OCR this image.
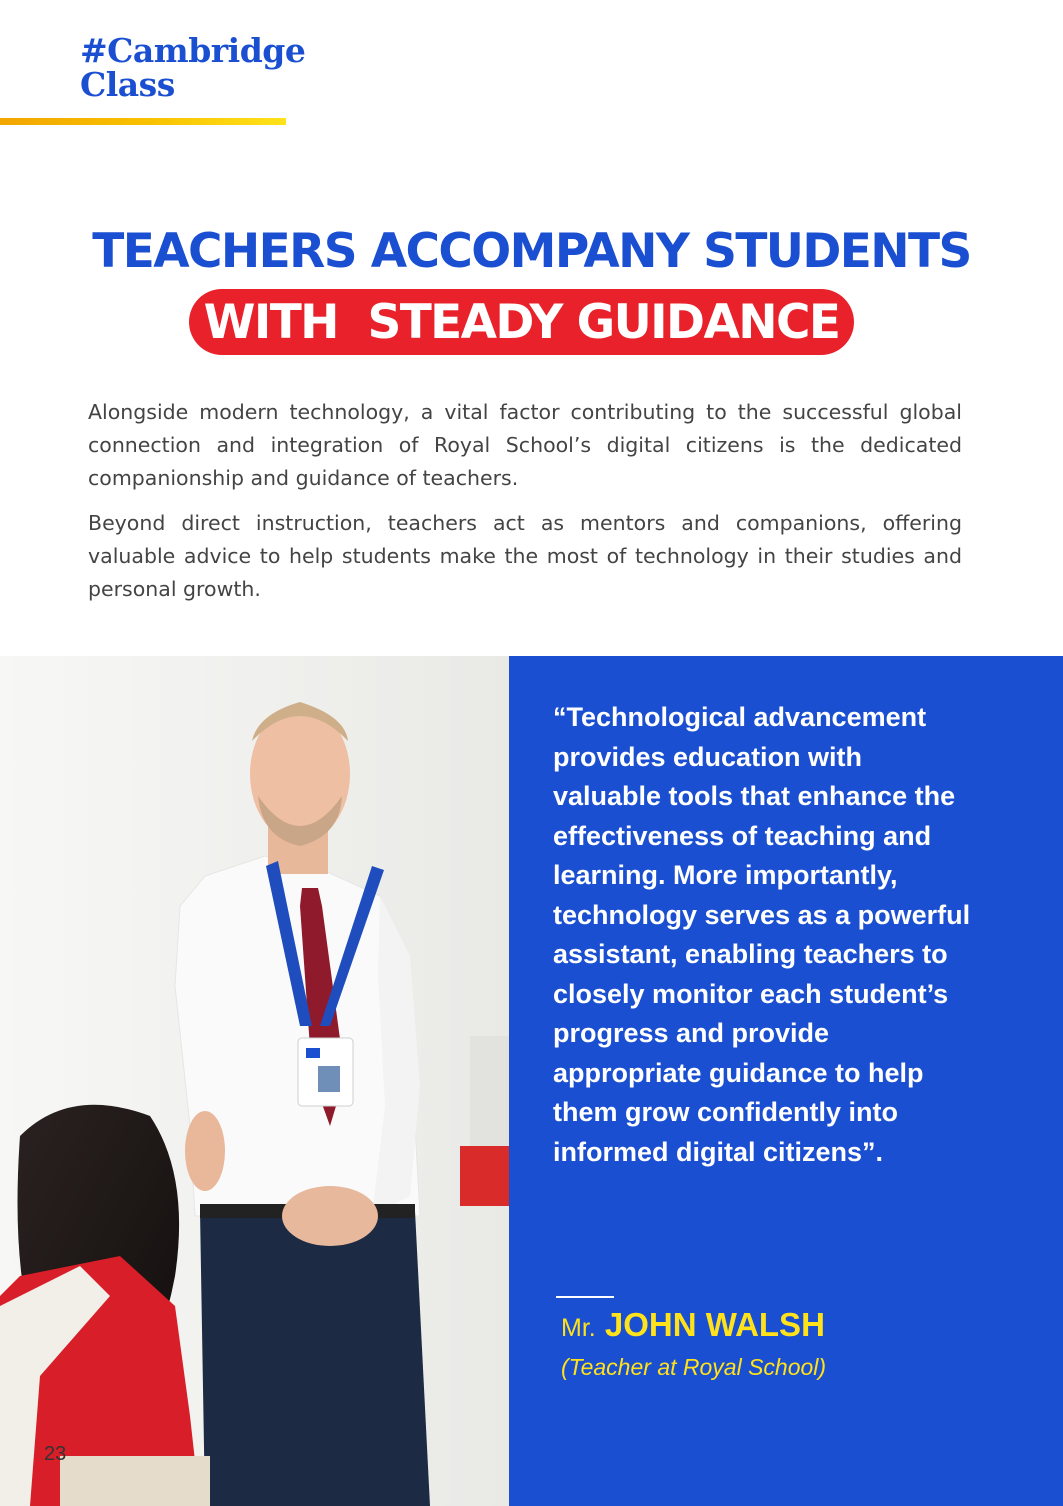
#Cambridge
Class
TEACHERS ACCOMPANY STUDENTS
WITH  STEADY GUIDANCE

Alongside modern technology, a vital factor contributing to the successful global connection and integration of Royal School’s digital citizens is the dedicated companionship and guidance of teachers.

Beyond direct instruction, teachers act as mentors and companions, offering valuable advice to help students make the most of technology in their studies and personal growth.

“Technological advancement provides education with valuable tools that enhance the effectiveness of teaching and learning. More importantly, technology serves as a powerful assistant, enabling teachers to closely monitor each student’s progress and provide appropriate guidance to help them grow confidently into informed digital citizens”.
Mr. JOHN WALSH
(Teacher at Royal School)
23
